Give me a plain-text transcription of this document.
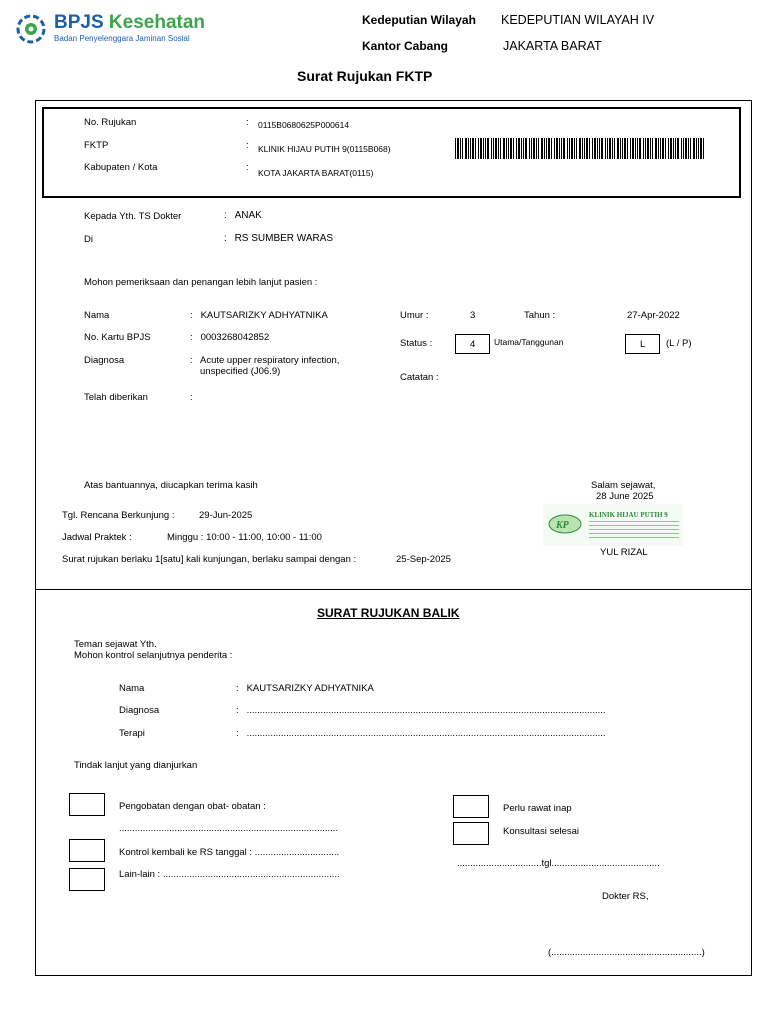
BPJS Kesehatan
Badan Penyelenggara Jaminan Sosial
Kedeputian Wilayah KEDEPUTIAN WILAYAH IV
Kantor Cabang	JAKARTA BARAT
Surat Rujukan FKTP
No. Rujukan	: 0115B0680625P000614
FKTP	: KLINIK HIJAU PUTIH 9(0115B068)
Kabupaten / Kota	: KOTA JAKARTA BARAT(0115)
Kepada Yth. TS Dokter	: ANAK
Di	: RS SUMBER WARAS
Mohon pemeriksaan dan penangan lebih lanjut pasien :
Nama	:   KAUTSARIZKY ADHYATNIKA
No. Kartu BPJS	:   0003268042852
Diagnosa	: Acute upper respiratory infection,
unspecified (J06.9)
Telah diberikan	:
Umur :	3	Tahun :	27-Apr-2022
Status :	4 Utama/Tanggunan	L (L / P)
Catatan :
Atas bantuannya, diucapkan terima kasih	Salam sejawat,
28 June 2025
Tgl. Rencana Berkunjung :	29-Jun-2025
Jadwal Praktek :	Minggu : 10:00 - 11:00, 10:00 - 11:00
Surat rujukan berlaku 1[satu] kali kunjungan, berlaku sampai dengan :	25-Sep-2025
KP
KLINIK HIJAU PUTIH 9
YUL RIZAL
SURAT RUJUKAN BALIK
Teman sejawat Yth.
Mohon kontrol selanjutnya penderita :
Nama	:   KAUTSARIZKY ADHYATNIKA
Diagnosa	:   ........................................................................................................................................
Terapi	:   ........................................................................................................................................
Tindak lanjut yang dianjurkan
Pengobatan dengan obat- obatan :
...................................................................................
Kontrol kembali ke RS tanggal : ................................
Lain-lain : ...................................................................
Perlu rawat inap
Konsultasi selesai
................................tgl.........................................
Dokter RS,
(.........................................................)
